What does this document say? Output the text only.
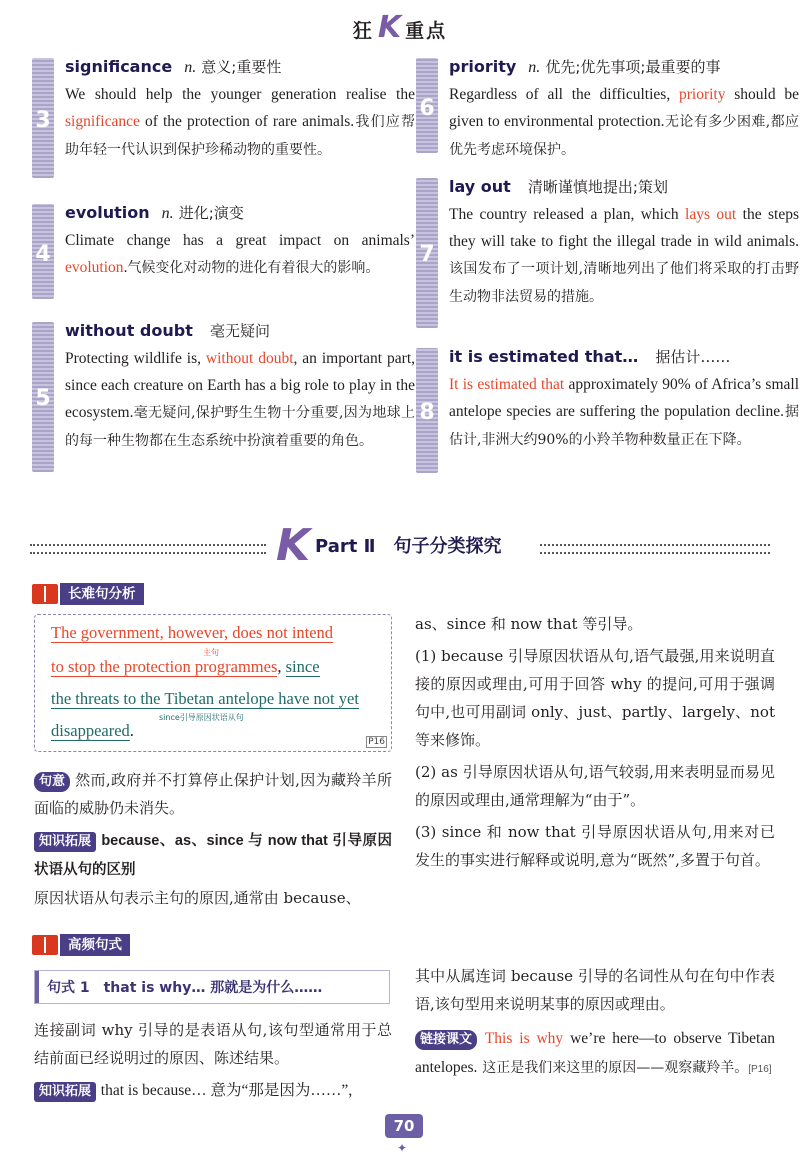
狂 K 重点
3
significance n. 意义;重要性
We should help the younger generation realise the significance of the protection of rare animals.我们应帮助年轻一代认识到保护珍稀动物的重要性。
4
evolution n. 进化;演变
Climate change has a great impact on animals’ evolution.气候变化对动物的进化有着很大的影响。
5
without doubt 毫无疑问
Protecting wildlife is, without doubt, an important part, since each creature on Earth has a big role to play in the ecosystem.毫无疑问,保护野生生物十分重要,因为地球上的每一种生物都在生态系统中扮演着重要的角色。
6
priority n. 优先;优先事项;最重要的事
Regardless of all the difficulties, priority should be given to environmental protection.无论有多少困难,都应优先考虑环境保护。
7
lay out 清晰谨慎地提出;策划
The country released a plan, which lays out the steps they will take to fight the illegal trade in wild animals.该国发布了一项计划,清晰地列出了他们将采取的打击野生动物非法贸易的措施。
8
it is estimated that… 据估计……
It is estimated that approximately 90% of Africa’s small antelope species are suffering the population decline.据估计,非洲大约90%的小羚羊物种数量正在下降。
K Part Ⅱ　句子分类探究
长难句分析
The government, however, does not intend
主句
to stop the protection programmes, since
the threats to the Tibetan antelope have not yet
since引导原因状语从句
disappeared.
P16
句意 然而,政府并不打算停止保护计划,因为藏羚羊所面临的威胁仍未消失。
知识拓展 because、as、since 与 now that 引导原因状语从句的区别
原因状语从句表示主句的原因,通常由 because、
as、since 和 now that 等引导。
(1) because 引导原因状语从句,语气最强,用来说明直接的原因或理由,可用于回答 why 的提问,可用于强调句中,也可用副词 only、just、partly、largely、not 等来修饰。
(2) as 引导原因状语从句,语气较弱,用来表明显而易见的原因或理由,通常理解为“由于”。
(3) since 和 now that 引导原因状语从句,用来对已发生的事实进行解释或说明,意为“既然”,多置于句首。
高频句式
句式 1　that is why… 那就是为什么……
连接副词 why 引导的是表语从句,该句型通常用于总结前面已经说明过的原因、陈述结果。
知识拓展 that is because… 意为“那是因为……”,
其中从属连词 because 引导的名词性从句在句中作表语,该句型用来说明某事的原因或理由。
链接课文 This is why we’re here—to observe Tibetan antelopes. 这正是我们来这里的原因——观察藏羚羊。[P16]
70
✦
